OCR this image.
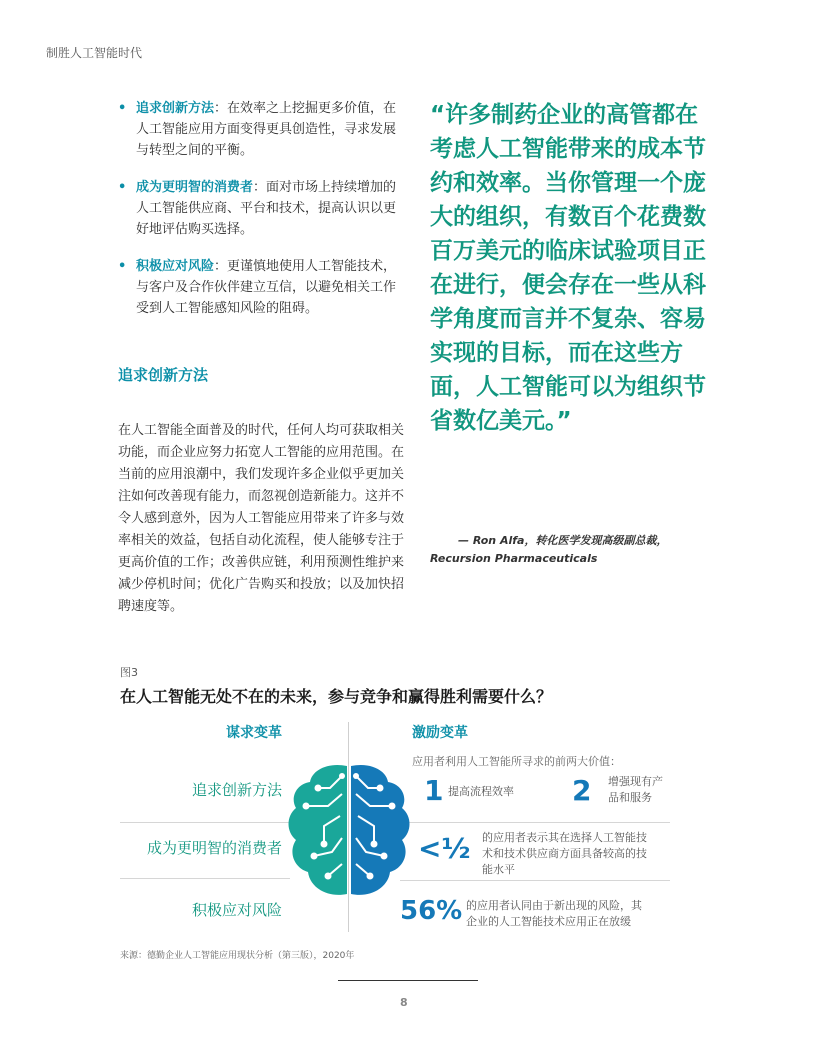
制胜人工智能时代
• 追求创新方法：在效率之上挖掘更多价值，在人工智能应用方面变得更具创造性，寻求发展与转型之间的平衡。
• 成为更明智的消费者：面对市场上持续增加的人工智能供应商、平台和技术，提高认识以更好地评估购买选择。
• 积极应对风险：更谨慎地使用人工智能技术，与客户及合作伙伴建立互信，以避免相关工作受到人工智能感知风险的阻碍。
追求创新方法
在人工智能全面普及的时代，任何人均可获取相关功能，而企业应努力拓宽人工智能的应用范围。在当前的应用浪潮中，我们发现许多企业似乎更加关注如何改善现有能力，而忽视创造新能力。这并不令人感到意外，因为人工智能应用带来了许多与效率相关的效益，包括自动化流程，使人能够专注于更高价值的工作；改善供应链，利用预测性维护来减少停机时间；优化广告购买和投放；以及加快招聘速度等。
“许多制药企业的高管都在考虑人工智能带来的成本节约和效率。当你管理一个庞大的组织，有数百个花费数百万美元的临床试验项目正在进行，便会存在一些从科学角度而言并不复杂、容易实现的目标，而在这些方面，人工智能可以为组织节省数亿美元。”
— Ron Alfa，转化医学发现高级副总裁，
Recursion Pharmaceuticals
图3
在人工智能无处不在的未来，参与竞争和赢得胜利需要什么？
谋求变革	激励变革
追求创新方法
成为更明智的消费者
积极应对风险
应用者利用人工智能所寻求的前两大价值：
1 提高流程效率 2 增强现有产
品和服务
<½ 的应用者表示其在选择人工智能技
术和技术供应商方面具备较高的技
能水平
56% 的应用者认同由于新出现的风险，其
企业的人工智能技术应用正在放缓
来源：德勤企业人工智能应用现状分析（第三版），2020年
8
